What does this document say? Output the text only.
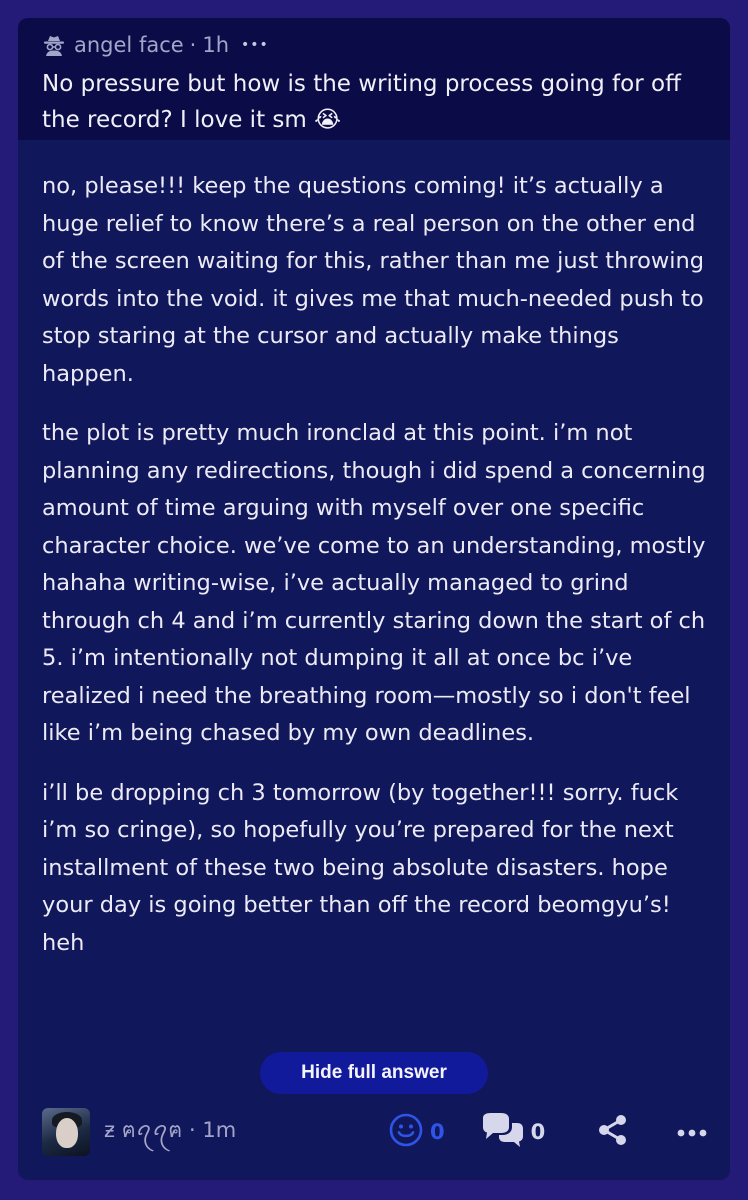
angel face · 1h •••
No pressure but how is the writing process going for off the record? I love it sm 😭

no, please!!! keep the questions coming! it’s actually a huge relief to know there’s a real person on the other end of the screen waiting for this, rather than me just throwing words into the void. it gives me that much-needed push to stop staring at the cursor and actually make things happen.

the plot is pretty much ironclad at this point. i’m not planning any redirections, though i did spend a concerning amount of time arguing with myself over one specific character choice. we’ve come to an understanding, mostly hahaha writing-wise, i’ve actually managed to grind through ch 4 and i’m currently staring down the start of ch 5. i’m intentionally not dumping it all at once bc i’ve realized i need the breathing room—mostly so i don't feel like i’m being chased by my own deadlines.

i’ll be dropping ch 3 tomorrow (by together!!! sorry. fuck i’m so cringe), so hopefully you’re prepared for the next installment of these two being absolute disasters. hope your day is going better than off the record beomgyu’s! heh

Hide full answer
ƶ ฅꪖꪖฅ · 1m	0	0
